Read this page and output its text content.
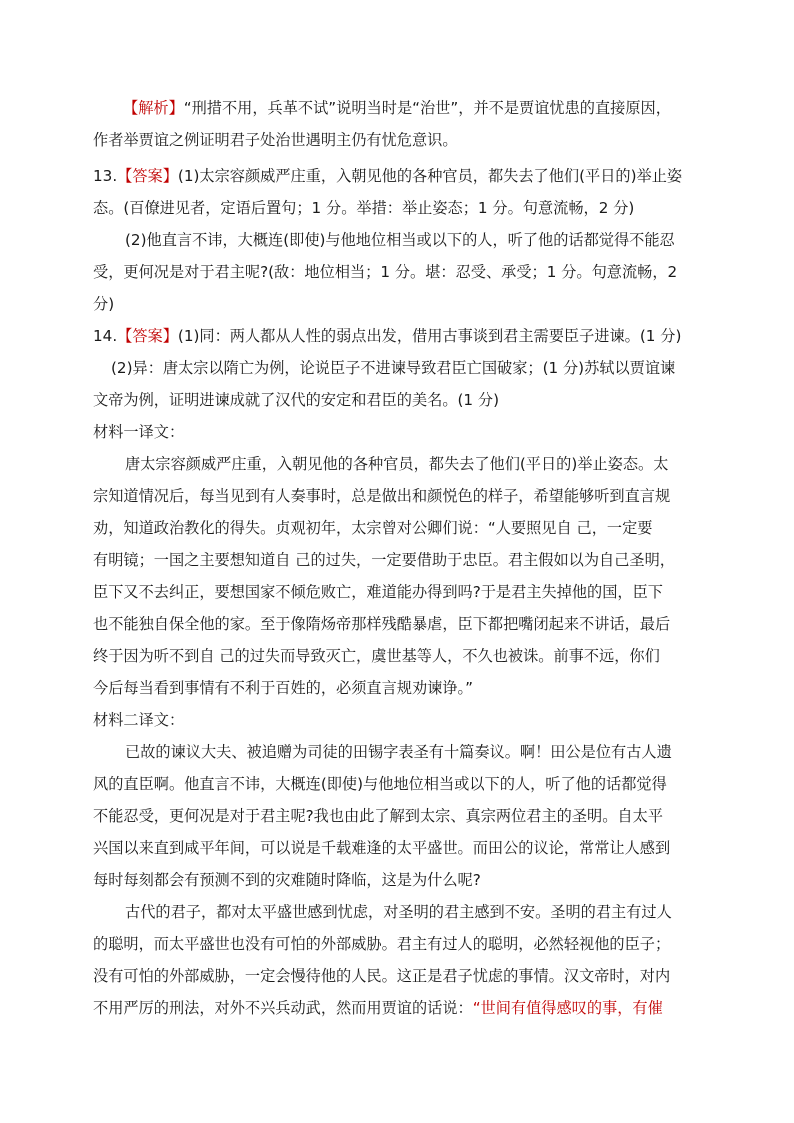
【解析】“刑措不用，兵革不试”说明当时是“治世”，并不是贾谊忧患的直接原因，
作者举贾谊之例证明君子处治世遇明主仍有忧危意识。
13.【答案】(1)太宗容颜威严庄重，入朝见他的各种官员，都失去了他们(平日的)举止姿
态。(百僚进见者，定语后置句；1 分。举措：举止姿态；1 分。句意流畅，2 分)
(2)他直言不讳，大概连(即使)与他地位相当或以下的人，听了他的话都觉得不能忍
受，更何况是对于君主呢?(敌：地位相当；1 分。堪：忍受、承受；1 分。句意流畅，2
分)
14.【答案】(1)同：两人都从人性的弱点出发，借用古事谈到君主需要臣子进谏。(1 分)
(2)异：唐太宗以隋亡为例，论说臣子不进谏导致君臣亡国破家；(1 分)苏轼以贾谊谏
文帝为例，证明进谏成就了汉代的安定和君臣的美名。(1 分)
材料一译文：
唐太宗容颜威严庄重，入朝见他的各种官员，都失去了他们(平日的)举止姿态。太
宗知道情况后，每当见到有人奏事时，总是做出和颜悦色的样子，希望能够听到直言规
劝，知道政治教化的得失。贞观初年，太宗曾对公卿们说：“人要照见自 己，一定要
有明镜；一国之主要想知道自 己的过失，一定要借助于忠臣。君主假如以为自己圣明，
臣下又不去纠正，要想国家不倾危败亡，难道能办得到吗?于是君主失掉他的国，臣下
也不能独自保全他的家。至于像隋炀帝那样残酷暴虐，臣下都把嘴闭起来不讲话，最后
终于因为听不到自 己的过失而导致灭亡，虞世基等人，不久也被诛。前事不远，你们
今后每当看到事情有不利于百姓的，必须直言规劝谏诤。”
材料二译文：
已故的谏议大夫、被追赠为司徒的田锡字表圣有十篇奏议。啊！田公是位有古人遗
风的直臣啊。他直言不讳，大概连(即使)与他地位相当或以下的人，听了他的话都觉得
不能忍受，更何况是对于君主呢?我也由此了解到太宗、真宗两位君主的圣明。自太平
兴国以来直到咸平年间，可以说是千载难逢的太平盛世。而田公的议论，常常让人感到
每时每刻都会有预测不到的灾难随时降临，这是为什么呢?
古代的君子，都对太平盛世感到忧虑，对圣明的君主感到不安。圣明的君主有过人
的聪明，而太平盛世也没有可怕的外部威胁。君主有过人的聪明，必然轻视他的臣子；
没有可怕的外部威胁，一定会慢待他的人民。这正是君子忧虑的事情。汉文帝时，对内
不用严厉的刑法，对外不兴兵动武，然而用贾谊的话说：“世间有值得感叹的事，有催
